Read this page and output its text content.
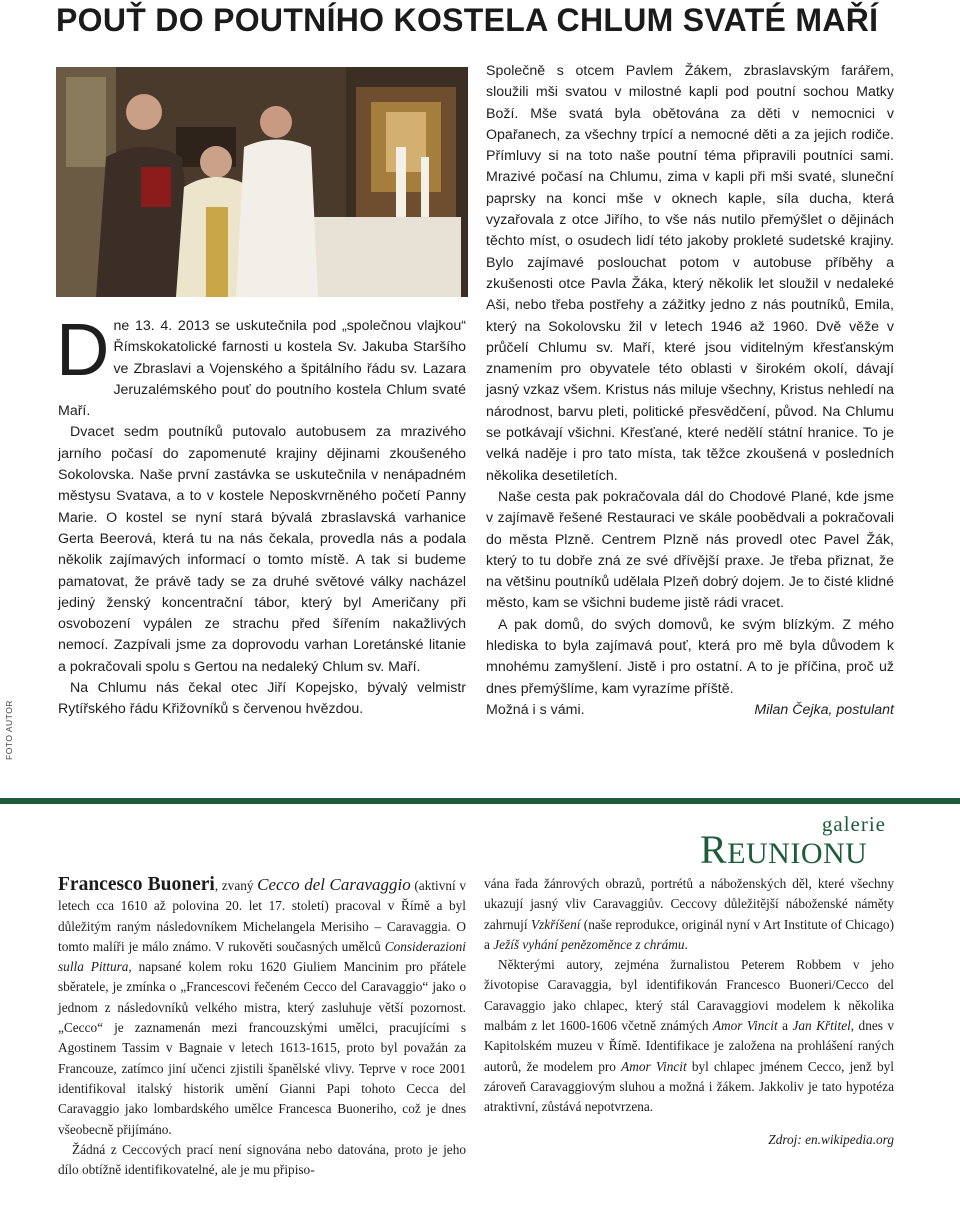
POUŤ DO POUTNÍHO KOSTELA CHLUM SVATÉ MAŘÍ
FOTO AUTOR

Dne 13. 4. 2013 se uskutečnila pod „společnou vlajkou“ Římskokatolické farnosti u kostela Sv. Jakuba Staršího ve Zbraslavi a Vojenského a špitálního řádu sv. Lazara Jeruzalémského pouť do poutního kostela Chlum svaté Maří.

Dvacet sedm poutníků putovalo autobusem za mrazivého jarního počasí do zapomenuté krajiny dějinami zkoušeného Sokolovska. Naše první zastávka se uskutečnila v nenápadném městysu Svatava, a to v kostele Neposkvrněného početí Panny Marie. O kostel se nyní stará bývalá zbraslavská varhanice Gerta Beerová, která tu na nás čekala, provedla nás a podala několik zajímavých informací o tomto místě. A tak si budeme pamatovat, že právě tady se za druhé světové války nacházel jediný ženský koncentrační tábor, který byl Američany při osvobození vypálen ze strachu před šířením nakažlivých nemocí. Zazpívali jsme za doprovodu varhan Loretánské litanie a pokračovali spolu s Gertou na nedaleký Chlum sv. Maří.

Na Chlumu nás čekal otec Jiří Kopejsko, bývalý velmistr Rytířského řádu Křižovníků s červenou hvězdou.

Společně s otcem Pavlem Žákem, zbraslavským farářem, sloužili mši svatou v milostné kapli pod poutní sochou Matky Boží. Mše svatá byla obětována za děti v nemocnici v Opařanech, za všechny trpící a nemocné děti a za jejich rodiče. Přímluvy si na toto naše poutní téma připravili poutníci sami. Mrazivé počasí na Chlumu, zima v kapli při mši svaté, sluneční paprsky na konci mše v oknech kaple, síla ducha, která vyzařovala z otce Jiřího, to vše nás nutilo přemýšlet o dějinách těchto míst, o osudech lidí této jakoby prokleté sudetské krajiny. Bylo zajímavé poslouchat potom v autobuse příběhy a zkušenosti otce Pavla Žáka, který několik let sloužil v nedaleké Aši, nebo třeba postřehy a zážitky jedno z nás poutníků, Emila, který na Sokolovsku žil v letech 1946 až 1960. Dvě věže v průčelí Chlumu sv. Maří, které jsou viditelným křesťanským znamením pro obyvatele této oblasti v širokém okolí, dávají jasný vzkaz všem. Kristus nás miluje všechny, Kristus nehledí na národnost, barvu pleti, politické přesvědčení, původ. Na Chlumu se potkávají všichni. Křesťané, které nedělí státní hranice. To je velká naděje i pro tato místa, tak těžce zkoušená v posledních několika desetiletích.

Naše cesta pak pokračovala dál do Chodové Plané, kde jsme v zajímavě řešené Restauraci ve skále poobědvali a pokračovali do města Plzně. Centrem Plzně nás provedl otec Pavel Žák, který to tu dobře zná ze své dřívější praxe. Je třeba přiznat, že na většinu poutníků udělala Plzeň dobrý dojem. Je to čisté klidné město, kam se všichni budeme jistě rádi vracet.

A pak domů, do svých domovů, ke svým blízkým. Z mého hlediska to byla zajímavá pouť, která pro mě byla důvodem k mnohému zamyšlení. Jistě i pro ostatní. A to je příčina, proč už dnes přemýšlíme, kam vyrazíme příště.

Možná i s vámi.	Milan Čejka, postulant
galerie
REUNIONU

Francesco Buoneri, zvaný Cecco del Caravaggio (aktivní v letech cca 1610 až polovina 20. let 17. století) pracoval v Římě a byl důležitým raným následovníkem Michelangela Merisiho – Caravaggia. O tomto malíři je málo známo. V rukověti současných umělců Considerazioni sulla Pittura, napsané kolem roku 1620 Giuliem Mancinim pro přátele sběratele, je zmínka o „Francescovi řečeném Cecco del Caravaggio“ jako o jednom z následovníků velkého mistra, který zasluhuje větší pozornost. „Cecco“ je zaznamenán mezi francouzskými umělci, pracujícími s Agostinem Tassim v Bagnaie v letech 1613-1615, proto byl považán za Francouze, zatímco jiní učenci zjistili španělské vlivy. Teprve v roce 2001 identifikoval italský historik umění Gianni Papi tohoto Cecca del Caravaggio jako lombardského umělce Francesca Buoneriho, což je dnes všeobecně přijímáno.

Žádná z Ceccových prací není signována nebo datována, proto je jeho dílo obtížně identifikovatelné, ale je mu připiso-

vána řada žánrových obrazů, portrétů a náboženských děl, které všechny ukazují jasný vliv Caravaggiův. Ceccovy důležitější náboženské náměty zahrnují Vzkříšení (naše reprodukce, originál nyní v Art Institute of Chicago) a Ježíš vyhání penězoměnce z chrámu.

Některými autory, zejména žurnalistou Peterem Robbem v jeho životopise Caravaggia, byl identifikován Francesco Buoneri/Cecco del Caravaggio jako chlapec, který stál Caravaggiovi modelem k několika malbám z let 1600-1606 včetně známých Amor Vincit a Jan Křtitel, dnes v Kapitolském muzeu v Římě. Identifikace je založena na prohlášení raných autorů, že modelem pro Amor Vincit byl chlapec jménem Cecco, jenž byl zároveň Caravaggiovým sluhou a možná i žákem. Jakkoliv je tato hypotéza atraktivní, zůstává nepotvrzena.

Zdroj: en.wikipedia.org
